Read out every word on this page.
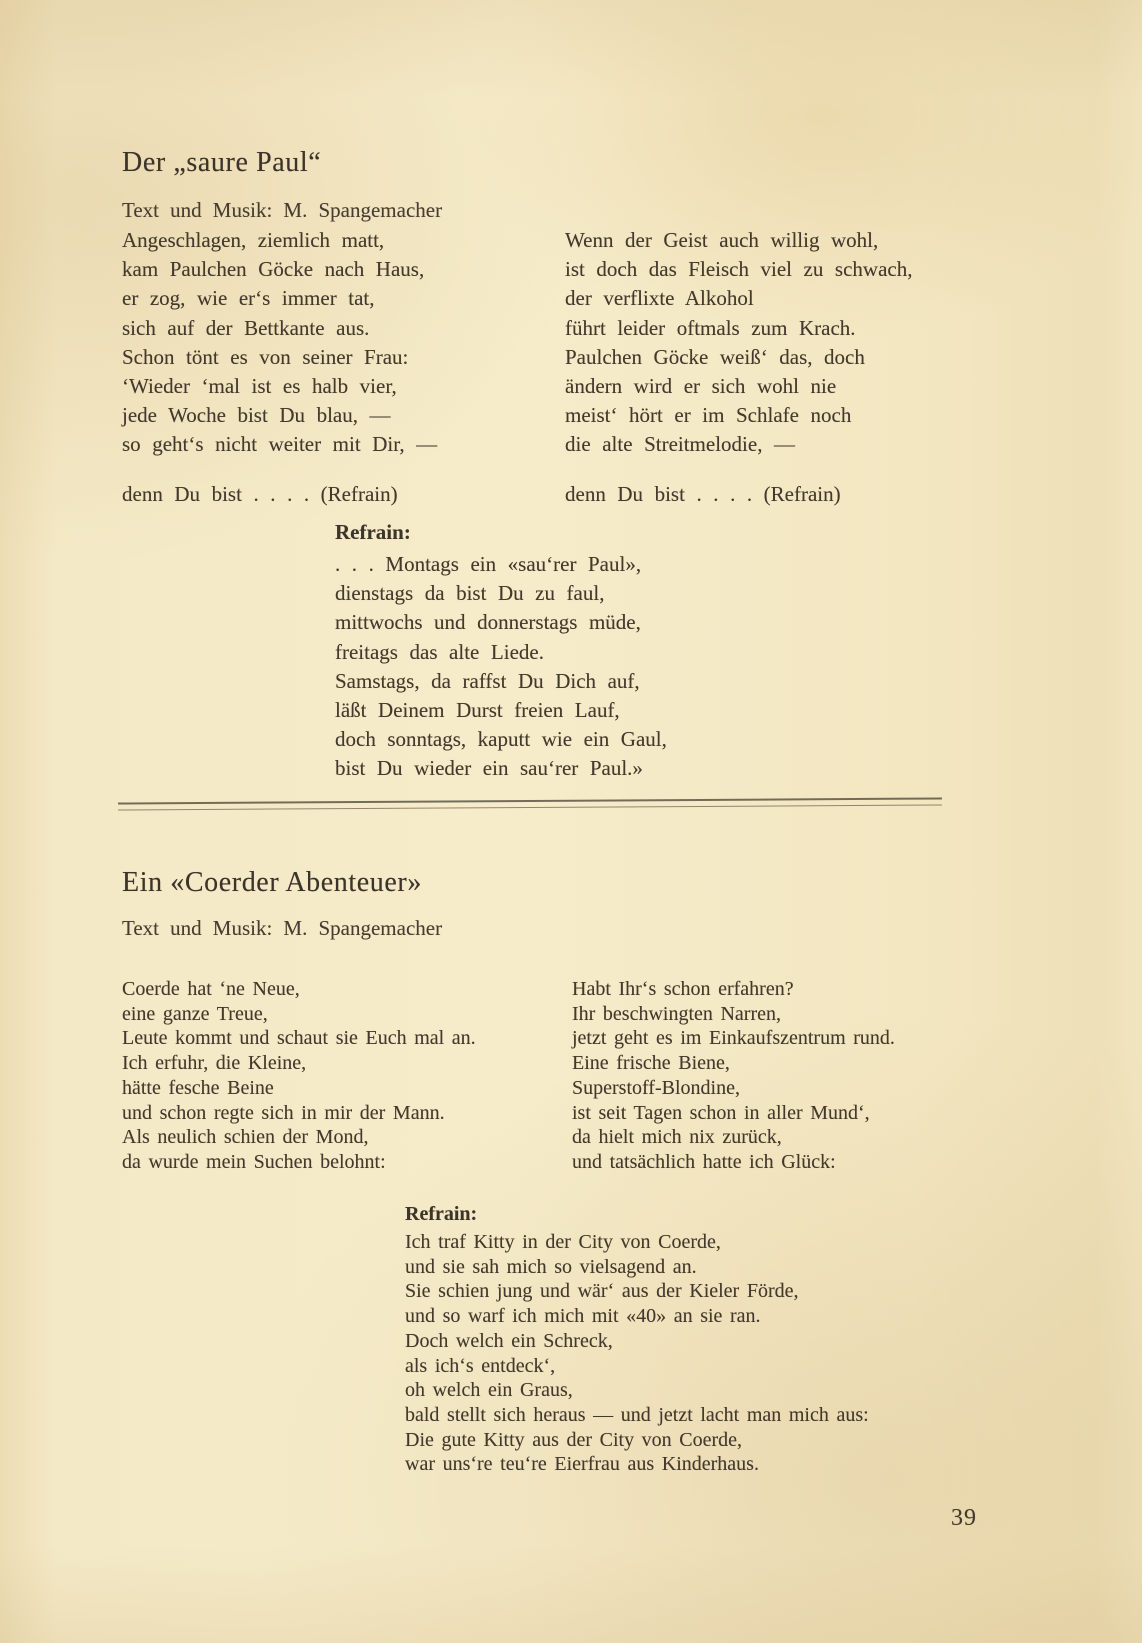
Der „saure Paul“
Text und Musik: M. Spangemacher
Angeschlagen, ziemlich matt,
kam Paulchen Göcke nach Haus,
er zog, wie er‘s immer tat,
sich auf der Bettkante aus.
Schon tönt es von seiner Frau:
‘Wieder ‘mal ist es halb vier,
jede Woche bist Du blau, —
so geht‘s nicht weiter mit Dir, —
Wenn der Geist auch willig wohl,
ist doch das Fleisch viel zu schwach,
der verflixte Alkohol
führt leider oftmals zum Krach.
Paulchen Göcke weiß‘ das, doch
ändern wird er sich wohl nie
meist‘ hört er im Schlafe noch
die alte Streitmelodie, —
denn Du bist . . . . (Refrain)	denn Du bist . . . . (Refrain)
Refrain:
. . . Montags ein «sau‘rer Paul»,
dienstags da bist Du zu faul,
mittwochs und donnerstags müde,
freitags das alte Liede.
Samstags, da raffst Du Dich auf,
läßt Deinem Durst freien Lauf,
doch sonntags, kaputt wie ein Gaul,
bist Du wieder ein sau‘rer Paul.»
Ein «Coerder Abenteuer»
Text und Musik: M. Spangemacher
Coerde hat ‘ne Neue,
eine ganze Treue,
Leute kommt und schaut sie Euch mal an.
Ich erfuhr, die Kleine,
hätte fesche Beine
und schon regte sich in mir der Mann.
Als neulich schien der Mond,
da wurde mein Suchen belohnt:
Habt Ihr‘s schon erfahren?
Ihr beschwingten Narren,
jetzt geht es im Einkaufszentrum rund.
Eine frische Biene,
Superstoff-Blondine,
ist seit Tagen schon in aller Mund‘,
da hielt mich nix zurück,
und tatsächlich hatte ich Glück:
Refrain:
Ich traf Kitty in der City von Coerde,
und sie sah mich so vielsagend an.
Sie schien jung und wär‘ aus der Kieler Förde,
und so warf ich mich mit «40» an sie ran.
Doch welch ein Schreck,
als ich‘s entdeck‘,
oh welch ein Graus,
bald stellt sich heraus — und jetzt lacht man mich aus:
Die gute Kitty aus der City von Coerde,
war uns‘re teu‘re Eierfrau aus Kinderhaus.
39
